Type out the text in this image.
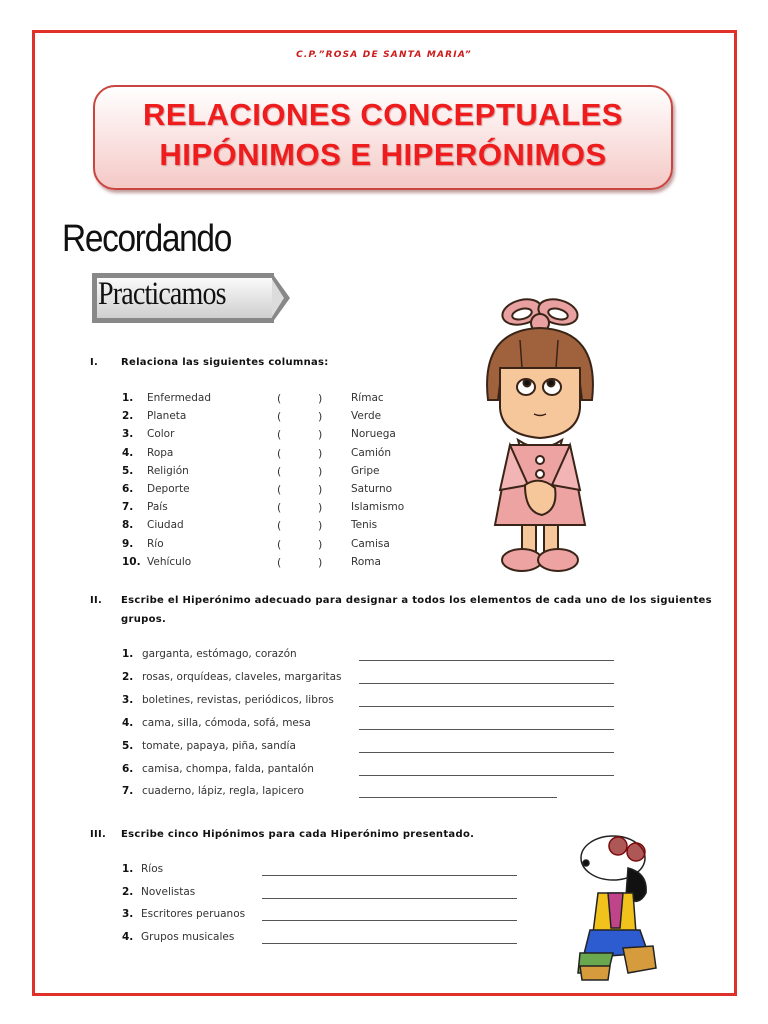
C.P.”ROSA DE SANTA MARIA”
RELACIONES CONCEPTUALES
HIPÓNIMOS E HIPERÓNIMOS
Recordando
Practicamos
I. Relaciona las siguientes columnas:
1. Enfermedad	(	)	Rímac
2. Planeta	(	)	Verde
3. Color	(	)	Noruega
4. Ropa	(	)	Camión
5. Religión	(	)	Gripe
6. Deporte	(	)	Saturno
7. País	(	)	Islamismo
8. Ciudad	(	)	Tenis
9. Río	(	)	Camisa
10. Vehículo	(	)	Roma
II. Escribe el Hiperónimo adecuado para designar a todos los elementos de cada uno de los siguientes
grupos.
1. garganta, estómago, corazón
2. rosas, orquídeas, claveles, margaritas
3. boletines, revistas, periódicos, libros
4. cama, silla, cómoda, sofá, mesa
5. tomate, papaya, piña, sandía
6. camisa, chompa, falda, pantalón
7. cuaderno, lápiz, regla, lapicero
III. Escribe cinco Hipónimos para cada Hiperónimo presentado.
1. Ríos
2. Novelistas
3. Escritores peruanos
4. Grupos musicales
